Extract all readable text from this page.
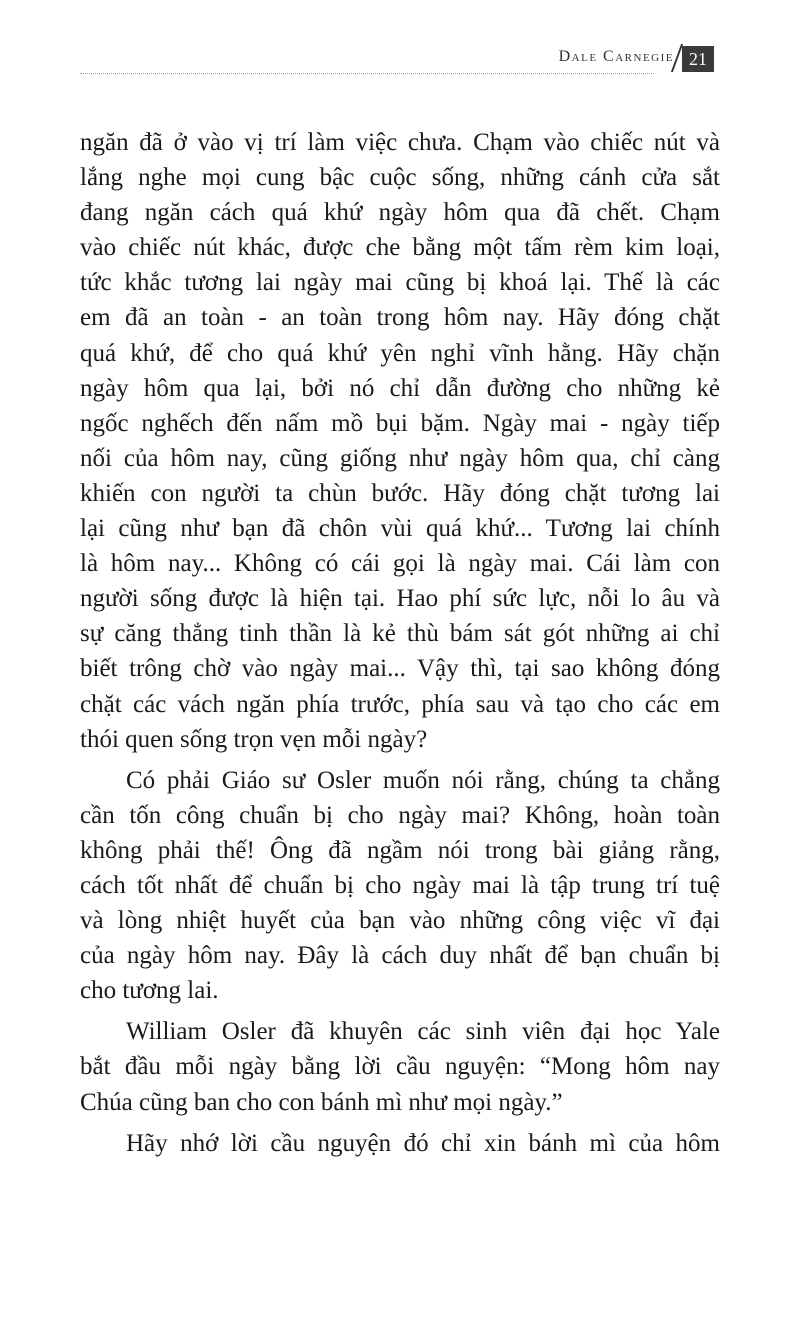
Dale Carnegie 21

ngăn đã ở vào vị trí làm việc chưa. Chạm vào chiếc nút và
lắng nghe mọi cung bậc cuộc sống, những cánh cửa sắt
đang ngăn cách quá khứ ngày hôm qua đã chết. Chạm
vào chiếc nút khác, được che bằng một tấm rèm kim loại,
tức khắc tương lai ngày mai cũng bị khoá lại. Thế là các
em đã an toàn - an toàn trong hôm nay. Hãy đóng chặt
quá khứ, để cho quá khứ yên nghỉ vĩnh hằng. Hãy chặn
ngày hôm qua lại, bởi nó chỉ dẫn đường cho những kẻ
ngốc nghếch đến nấm mồ bụi bặm. Ngày mai - ngày tiếp
nối của hôm nay, cũng giống như ngày hôm qua, chỉ càng
khiến con người ta chùn bước. Hãy đóng chặt tương lai
lại cũng như bạn đã chôn vùi quá khứ... Tương lai chính
là hôm nay... Không có cái gọi là ngày mai. Cái làm con
người sống được là hiện tại. Hao phí sức lực, nỗi lo âu và
sự căng thẳng tinh thần là kẻ thù bám sát gót những ai chỉ
biết trông chờ vào ngày mai... Vậy thì, tại sao không đóng
chặt các vách ngăn phía trước, phía sau và tạo cho các em
thói quen sống trọn vẹn mỗi ngày?

Có phải Giáo sư Osler muốn nói rằng, chúng ta chẳng
cần tốn công chuẩn bị cho ngày mai? Không, hoàn toàn
không phải thế! Ông đã ngầm nói trong bài giảng rằng,
cách tốt nhất để chuẩn bị cho ngày mai là tập trung trí tuệ
và lòng nhiệt huyết của bạn vào những công việc vĩ đại
của ngày hôm nay. Đây là cách duy nhất để bạn chuẩn bị
cho tương lai.

William Osler đã khuyên các sinh viên đại học Yale
bắt đầu mỗi ngày bằng lời cầu nguyện: “Mong hôm nay
Chúa cũng ban cho con bánh mì như mọi ngày.”

Hãy nhớ lời cầu nguyện đó chỉ xin bánh mì của hôm
